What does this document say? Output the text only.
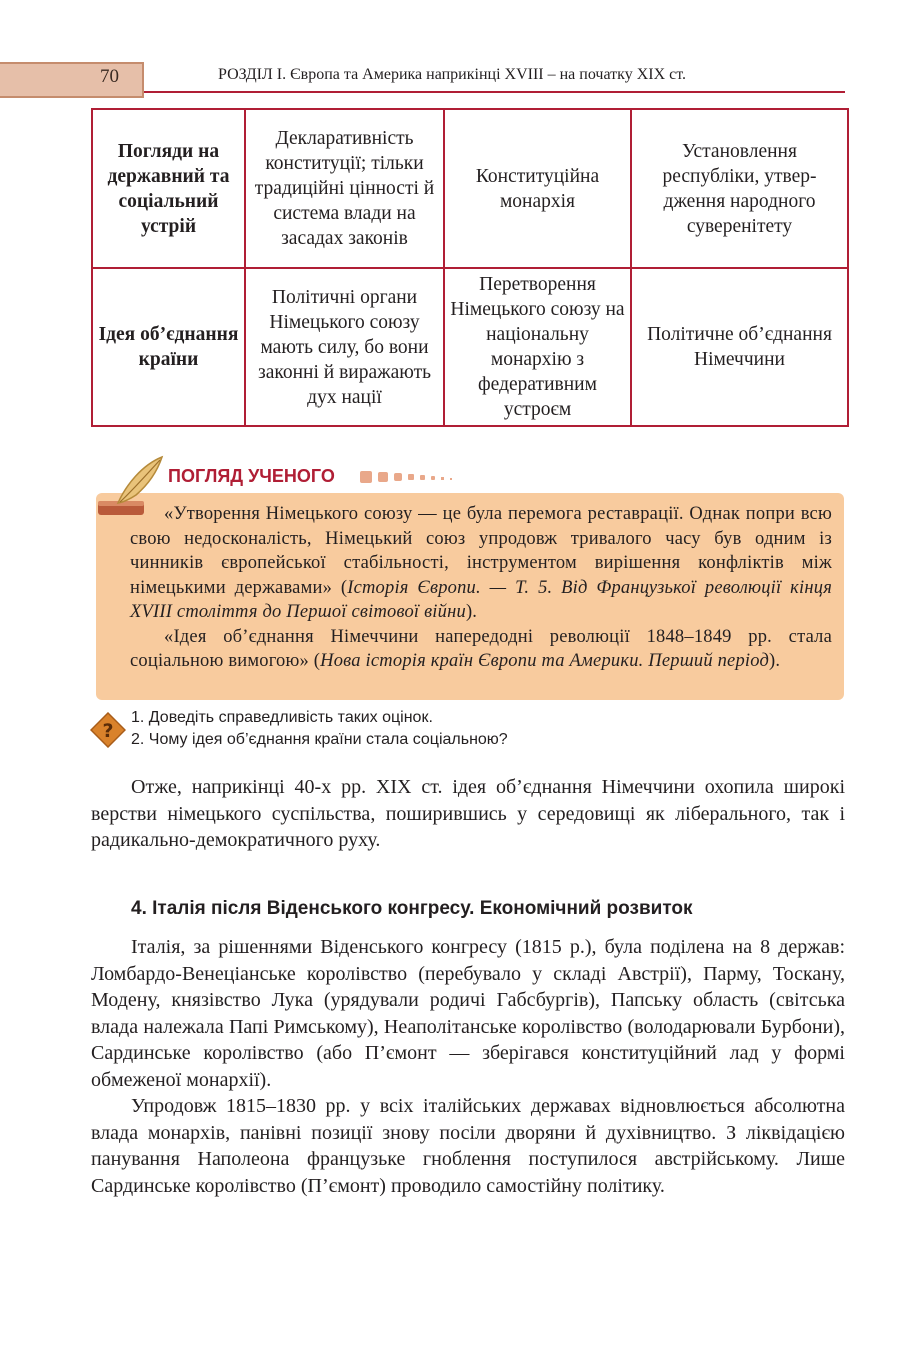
70	РОЗДІЛ І. Європа та Америка наприкінці XVIII – на початку XIX ст.
Погляди на державний та соціальний устрій	Декларативність конституції; тільки традиційні цінності й система влади на засадах законів	Конституційна монархія	Установлення республіки, утвердження народного суверенітету
Ідея об’єднання країни	Політичні органи Німецького союзу мають силу, бо вони законні й виражають дух нації	Перетворення Німецького союзу на національну монархію з федеративним устроєм	Політичне об’єднання Німеччини
ПОГЛЯД УЧЕНОГО

«Утворення Німецького союзу — це була перемога реставрації. Однак попри всю свою недосконалість, Німецький союз упродовж тривалого часу був одним із чинників європейської стабільності, інструментом вирішення конфліктів між німецькими державами» (Історія Європи. — Т. 5. Від Французької революції кінця XVIII століття до Першої світової війни).

«Ідея об’єднання Німеччини напередодні революції 1848–1849 рр. стала соціальною вимогою» (Нова історія країн Європи та Америки. Перший період).

?
1. Доведіть справедливість таких оцінок.
2. Чому ідея об’єднання країни стала соціальною?

Отже, наприкінці 40-х рр. XIX ст. ідея об’єднання Німеччини охопила широкі верстви німецького суспільства, поширившись у середовищі як ліберального, так і радикально-демократичного руху.

4. Італія після Віденського конгресу. Економічний розвиток

Італія, за рішеннями Віденського конгресу (1815 р.), була поділена на 8 держав: Ломбардо-Венеціанське королівство (перебувало у складі Австрії), Парму, Тоскану, Модену, князівство Лука (урядували родичі Габсбургів), Папську область (світська влада належала Папі Римському), Неаполітанське королівство (володарювали Бурбони), Сардинське королівство (або П’ємонт — зберігався конституційний лад у формі обмеженої монархії).

Упродовж 1815–1830 рр. у всіх італійських державах відновлюється абсолютна влада монархів, панівні позиції знову посіли дворяни й духівництво. З ліквідацією панування Наполеона французьке гноблення поступилося австрійському. Лише Сардинське королівство (П’ємонт) проводило самостійну політику.
